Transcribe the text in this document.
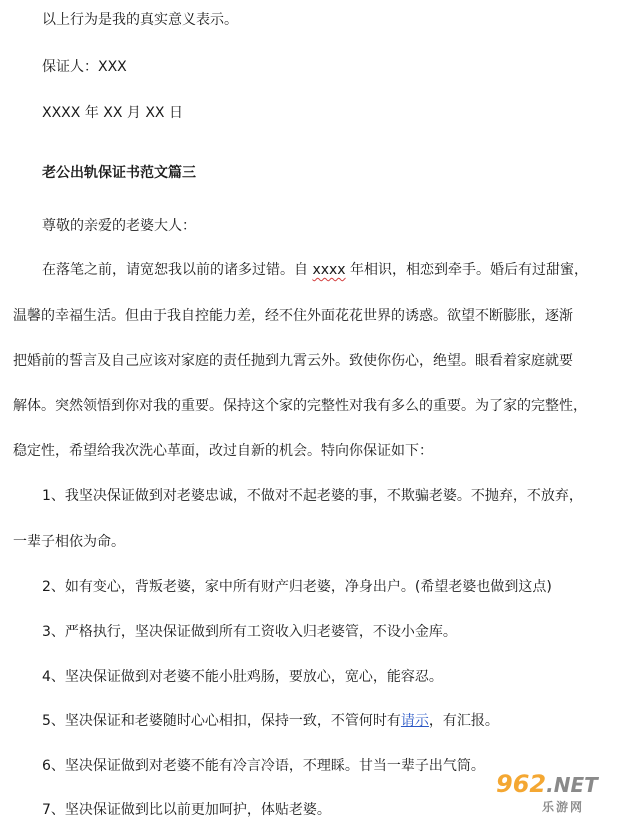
以上行为是我的真实意义表示。
保证人：XXX
XXXX 年 XX 月 XX 日
老公出轨保证书范文篇三
尊敬的亲爱的老婆大人：
在落笔之前，请宽恕我以前的诸多过错。自 xxxx 年相识，相恋到牵手。婚后有过甜蜜，
温馨的幸福生活。但由于我自控能力差，经不住外面花花世界的诱惑。欲望不断膨胀，逐渐
把婚前的誓言及自己应该对家庭的责任抛到九霄云外。致使你伤心，绝望。眼看着家庭就要
解体。突然领悟到你对我的重要。保持这个家的完整性对我有多么的重要。为了家的完整性，
稳定性，希望给我次洗心革面，改过自新的机会。特向你保证如下：
1、我坚决保证做到对老婆忠诚，不做对不起老婆的事，不欺骗老婆。不抛弃，不放弃，
一辈子相依为命。
2、如有变心，背叛老婆，家中所有财产归老婆，净身出户。(希望老婆也做到这点)
3、严格执行，坚决保证做到所有工资收入归老婆管，不设小金库。
4、坚决保证做到对老婆不能小肚鸡肠，要放心，宽心，能容忍。
5、坚决保证和老婆随时心心相扣，保持一致，不管何时有请示，有汇报。
6、坚决保证做到对老婆不能有冷言冷语，不理睬。甘当一辈子出气筒。
7、坚决保证做到比以前更加呵护，体贴老婆。
962.NET
乐游网
